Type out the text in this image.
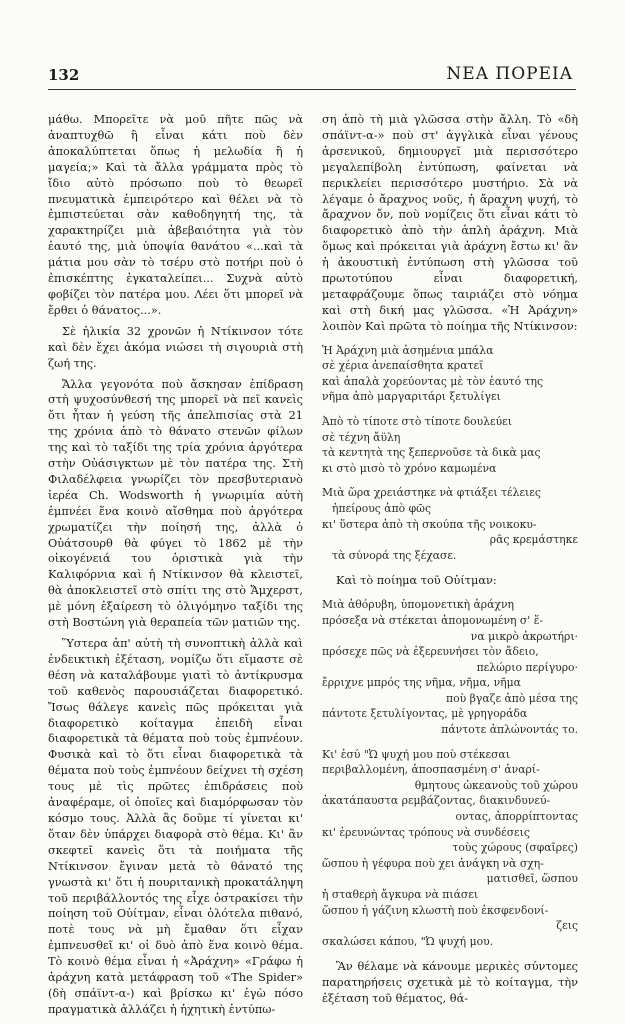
132	ΝΕΑ ΠΟΡΕΙΑ

μάθω. Μπορεῖτε νὰ μοῦ πῆτε πῶς νὰ ἀναπτυχθῶ ἢ εἶναι κάτι ποὺ δὲν ἀποκαλύπτεται ὅπως ἡ μελωδία ἢ ἡ μαγεία;» Καὶ τὰ ἄλλα γράμματα πρὸς τὸ ἴδιο αὐτὸ πρόσωπο ποὺ τὸ θεωρεῖ πνευματικὰ ἐμπειρότερο καὶ θέλει νὰ τὸ ἐμπιστεύεται σὰν καθοδηγητή της, τὰ χαρακτηρίζει μιὰ ἀβεβαιότητα γιὰ τὸν ἑαυτό της, μιὰ ὑποψία θανάτου «...καὶ τὰ μάτια μου σὰν τὸ τσέρυ στὸ ποτήρι ποὺ ὁ ἐπισκέπτης ἐγκαταλείπει... Συχνὰ αὐτὸ φοβίζει τὸν πατέρα μου. Λέει ὅτι μπορεῖ νὰ ἔρθει ὁ θάνατος...».

Σὲ ἡλικία 32 χρονῶν ἡ Ντίκινσον τότε καὶ δὲν ἔχει ἀκόμα νιώσει τὴ σιγουριὰ στὴ ζωή της.

Ἄλλα γεγονότα ποὺ ἄσκησαν ἐπίδραση στὴ ψυχοσύνθεσή της μπορεῖ νὰ πεῖ κανεὶς ὅτι ἦταν ἡ γεύση τῆς ἀπελπισίας στὰ 21 της χρόνια ἀπὸ τὸ θάνατο στενῶν φίλων της καὶ τὸ ταξίδι της τρία χρόνια ἀργότερα στὴν Οὐάσιγκτων μὲ τὸν πατέρα της. Στὴ Φιλαδέλφεια γνωρίζει τὸν πρεσβυτεριανὸ ἱερέα Ch. Wodsworth ἡ γνωριμία αὐτὴ ἐμπνέει ἕνα κοινὸ αἴσθημα ποὺ ἀργότερα χρωματίζει τὴν ποίησή της, ἀλλὰ ὁ Οὐάτσουρθ θὰ φύγει τὸ 1862 μὲ τὴν οἰκογένειά του ὁριστικὰ γιὰ τὴν Καλιφόρνια καὶ ἡ Ντίκινσον θὰ κλειστεῖ, θὰ ἀποκλειστεῖ στὸ σπίτι της στὸ Ἄμχερστ, μὲ μόνη ἐξαίρεση τὸ ὀλιγόμηνο ταξίδι της στὴ Βοστώνη γιὰ θεραπεία τῶν ματιῶν της.

Ὕστερα ἀπ' αὐτὴ τὴ συνοπτικὴ ἀλλὰ καὶ ἐνδεικτικὴ ἐξέταση, νομίζω ὅτι εἴμαστε σὲ θέση νὰ καταλάβουμε γιατὶ τὸ ἀντίκρυσμα τοῦ καθενὸς παρουσιάζεται διαφορετικό. Ἴσως θάλεγε κανεὶς πῶς πρόκειται γιὰ διαφορετικὸ κοίταγμα ἐπειδὴ εἶναι διαφορετικὰ τὰ θέματα ποὺ τοὺς ἐμπνέουν. Φυσικὰ καὶ τὸ ὅτι εἶναι διαφορετικὰ τὰ θέματα ποὺ τοὺς ἐμπνέουν δείχνει τὴ σχέση τους μὲ τὶς πρῶτες ἐπιδράσεις ποὺ ἀναφέραμε, οἱ ὁποῖες καὶ διαμόρφωσαν τὸν κόσμο τους. Ἀλλὰ ἂς δοῦμε τί γίνεται κι' ὅταν δὲν ὑπάρχει διαφορὰ στὸ θέμα. Κι' ἂν σκεφτεῖ κανεὶς ὅτι τὰ ποιήματα τῆς Ντίκινσον ἔγιναν μετὰ τὸ θάνατό της γνωστὰ κι' ὅτι ἡ πουριτανικὴ προκατάληψη τοῦ περιβάλλοντός της εἶχε ὀστρακίσει τὴν ποίηση τοῦ Οὐίτμαν, εἶναι ὁλότελα πιθανό, ποτὲ τους νὰ μὴ ἔμαθαν ὅτι εἶχαν ἐμπνευσθεῖ κι' οἱ δυὸ ἀπὸ ἕνα κοινὸ θέμα. Τὸ κοινὸ θέμα εἶναι ἡ «Ἀράχνη» «Γράφω ἡ ἀράχνη κατὰ μετάφραση τοῦ «The Spider» (δὴ σπάϊντ-α-) καὶ βρίσκω κι' ἐγὼ πόσο πραγματικὰ ἀλλάζει ἡ ἠχητικὴ ἐντύπω-

ση ἀπὸ τὴ μιὰ γλῶσσα στὴν ἄλλη. Τὸ «δὴ σπάϊντ-α-» ποὺ στ' ἀγγλικὰ εἶναι γένους ἀρσενικοῦ, δημιουργεῖ μιὰ περισσότερο μεγαλεπίβολη ἐντύπωση, φαίνεται νὰ περικλείει περισσότερο μυστήριο. Σὰ νὰ λέγαμε ὁ ἄραχνος νοῦς, ἡ ἄραχνη ψυχή, τὸ ἄραχνον ὄν, ποὺ νομίζεις ὅτι εἶναι κάτι τὸ διαφορετικὸ ἀπὸ τὴν ἁπλὴ ἀράχνη. Μιὰ ὅμως καὶ πρόκειται γιὰ ἀράχνη ἔστω κι' ἂν ἡ ἀκουστικὴ ἐντύπωση στὴ γλῶσσα τοῦ πρωτοτύπου εἶναι διαφορετική, μεταφράζουμε ὅπως ταιριάζει στὸ νόημα καὶ στὴ δική μας γλῶσσα. «Ἡ Ἀράχνη» λοιπὸν Καὶ πρῶτα τὸ ποίημα τῆς Ντίκινσον:

Ἡ Ἀράχνη μιὰ ἀσημένια μπάλα
σὲ χέρια ἀνεπαίσθητα κρατεῖ
καὶ ἁπαλὰ χορεύοντας μὲ τὸν ἑαυτό της
νῆμα ἀπὸ μαργαριτάρι ξετυλίγει
Ἀπὸ τὸ τίποτε στὸ τίποτε δουλεύει
σὲ τέχνη ἄϋλη
τὰ κεντητὰ της ξεπερνοῦσε τὰ δικὰ μας
κι στὸ μισὸ τὸ χρόνο καμωμένα
Μιὰ ὥρα χρειάστηκε νὰ φτιάξει τέλειες
ἠπείρους ἀπὸ φῶς
κι' ὕστερα ἀπὸ τὴ σκούπα τῆς νοικοκυ-
ρᾶς κρεμάστηκε
τὰ σύνορά της ξέχασε.

Καὶ τὸ ποίημα τοῦ Οὐίτμαν:

Μιὰ ἀθόρυβη, ὑπομονετικὴ ἀράχνη
πρόσεξα νὰ στέκεται ἀπομονωμένη σ' ἕ-
να μικρὸ ἀκρωτήρι·
πρόσεχε πῶς νὰ ἐξερευνήσει τὸν ἄδειο,
πελώριο περίγυρο·
ἔρριχνε μπρός της νῆμα, νῆμα, νῆμα
ποὺ βγαζε ἀπὸ μέσα της
πάντοτε ξετυλίγοντας, μὲ γρηγοράδα
πάντοτε ἀπλώνοντάς το.
Κι' ἐσύ "Ὠ ψυχή μου ποὺ στέκεσαι
περιβαλλομένη, ἀποσπασμένη σ' ἀναρί-
θμητους ὠκεανοὺς τοῦ χώρου
ἀκατάπαυστα ρεμβάζοντας, διακινδυνεύ-
οντας, ἀπορρίπτοντας
κι' ἐρευνώντας τρόπους νὰ συνδέσεις
τοὺς χώρους (σφαῖρες)
ὥσπου ἡ γέφυρα ποὺ χει ἀνάγκη νὰ σχη-
ματισθεῖ, ὥσπου
ἡ σταθερὴ ἄγκυρα νὰ πιάσει
ὥσπου ἡ γάζινη κλωστὴ ποὺ ἐκσφενδονί-
ζεις
σκαλώσει κάπου, "Ὠ ψυχή μου.

Ἂν θέλαμε νὰ κάνουμε μερικὲς σύντομες παρατηρήσεις σχετικὰ μὲ τὸ κοίταγμα, τὴν ἐξέταση τοῦ θέματος, θά-
